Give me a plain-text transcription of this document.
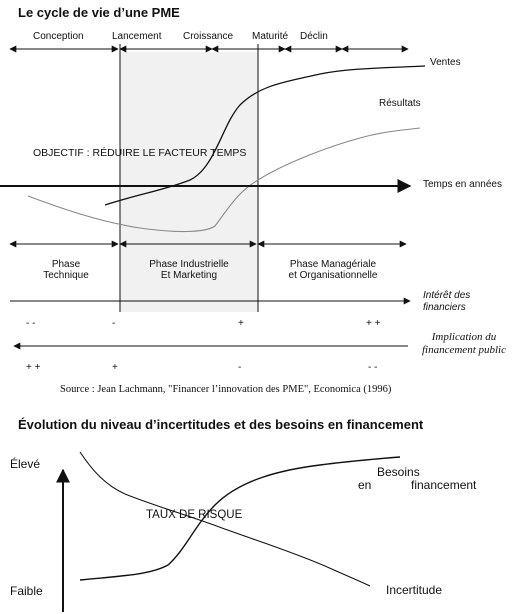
Le cycle de vie d’une PME
Conception	Lancement Croissance Maturité Déclin
Ventes
Résultats
OBJECTIF : RÉDUIRE LE FACTEUR TEMPS
Temps en années
Phase
Technique
Phase Industrielle
Et Marketing
Phase Managériale
et Organisationnelle
Intérêt des
financiers
- -	-	+	+ +
Implication du
financement public
+ +	+	-	- -
Source : Jean Lachmann, "Financer l’innovation des PME", Economica (1996)
Évolution du niveau d’incertitudes et des besoins en financement
Élevé
Faible
Besoins
en	financement
TAUX DE RISQUE
Incertitude
